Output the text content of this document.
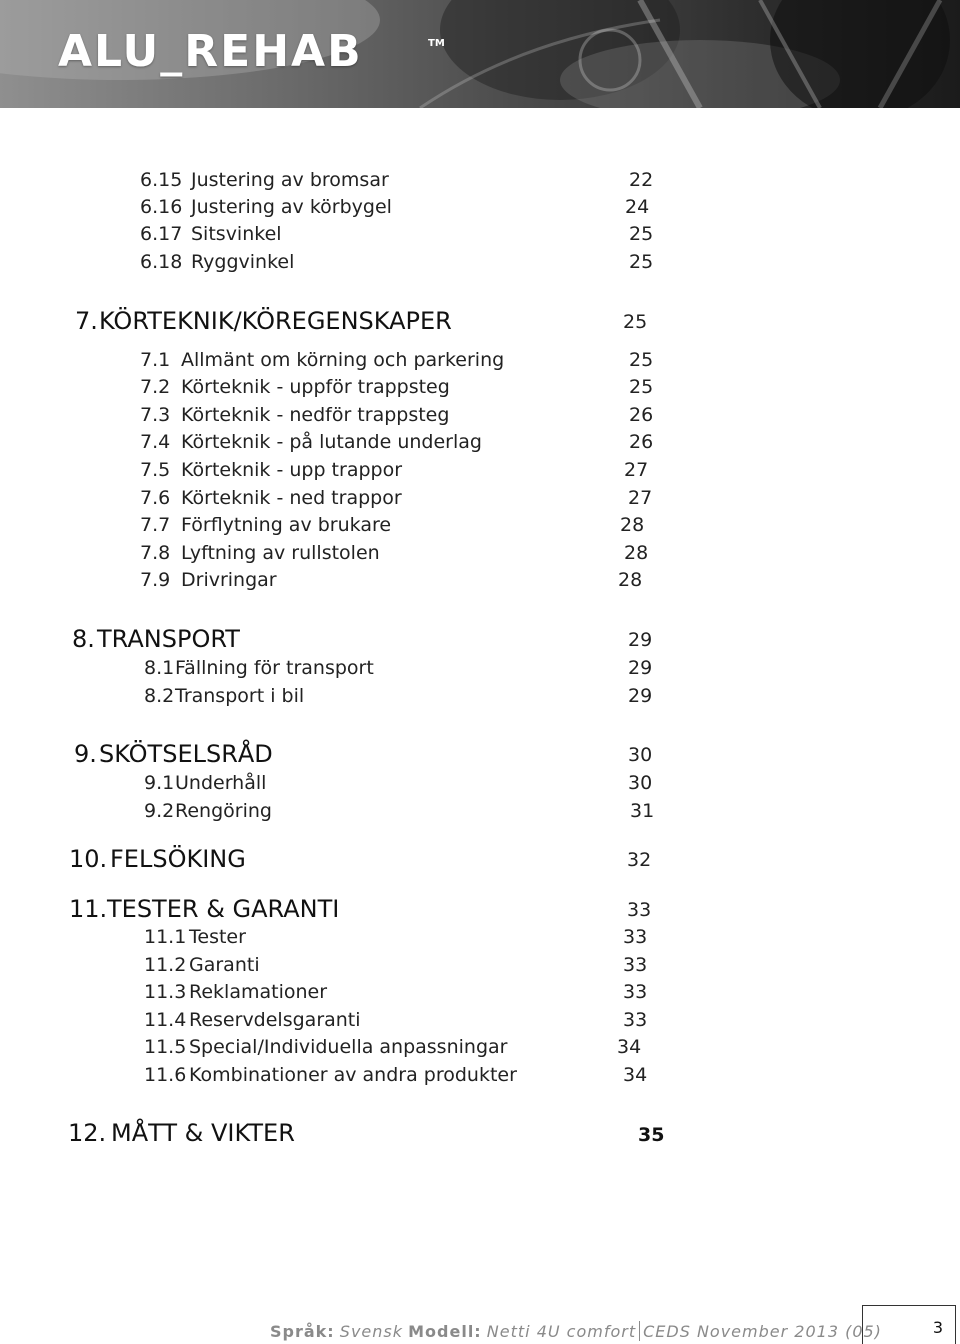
ALU_REHAB	TM
6.15 Justering av bromsar	22
6.16 Justering av körbygel	24
6.17 Sitsvinkel	25
6.18 Ryggvinkel	25
7. KÖRTEKNIK/KÖREGENSKAPER	25
7.1 Allmänt om körning och parkering	25
7.2 Körteknik - uppför trappsteg	25
7.3 Körteknik - nedför trappsteg	26
7.4 Körteknik - på lutande underlag	26
7.5 Körteknik - upp trappor	27
7.6 Körteknik - ned trappor	27
7.7 Förflytning av brukare	28
7.8 Lyftning av rullstolen	28
7.9 Drivringar	28
8. TRANSPORT	29
8.1 Fällning för transport	29
8.2 Transport i bil	29
9. SKÖTSELSRÅD	30
9.1 Underhåll	30
9.2 Rengöring	31
10. FELSÖKING	32
11. TESTER & GARANTI	33
11.1 Tester	33
11.2 Garanti	33
11.3 Reklamationer	33
11.4 Reservdelsgaranti	33
11.5 Special/Individuella anpassningar	34
11.6 Kombinationer av andra produkter	34
12. MÅTT & VIKTER	35
Språk: Svensk Modell: Netti 4U comfort CEDS November 2013 (05)	3
